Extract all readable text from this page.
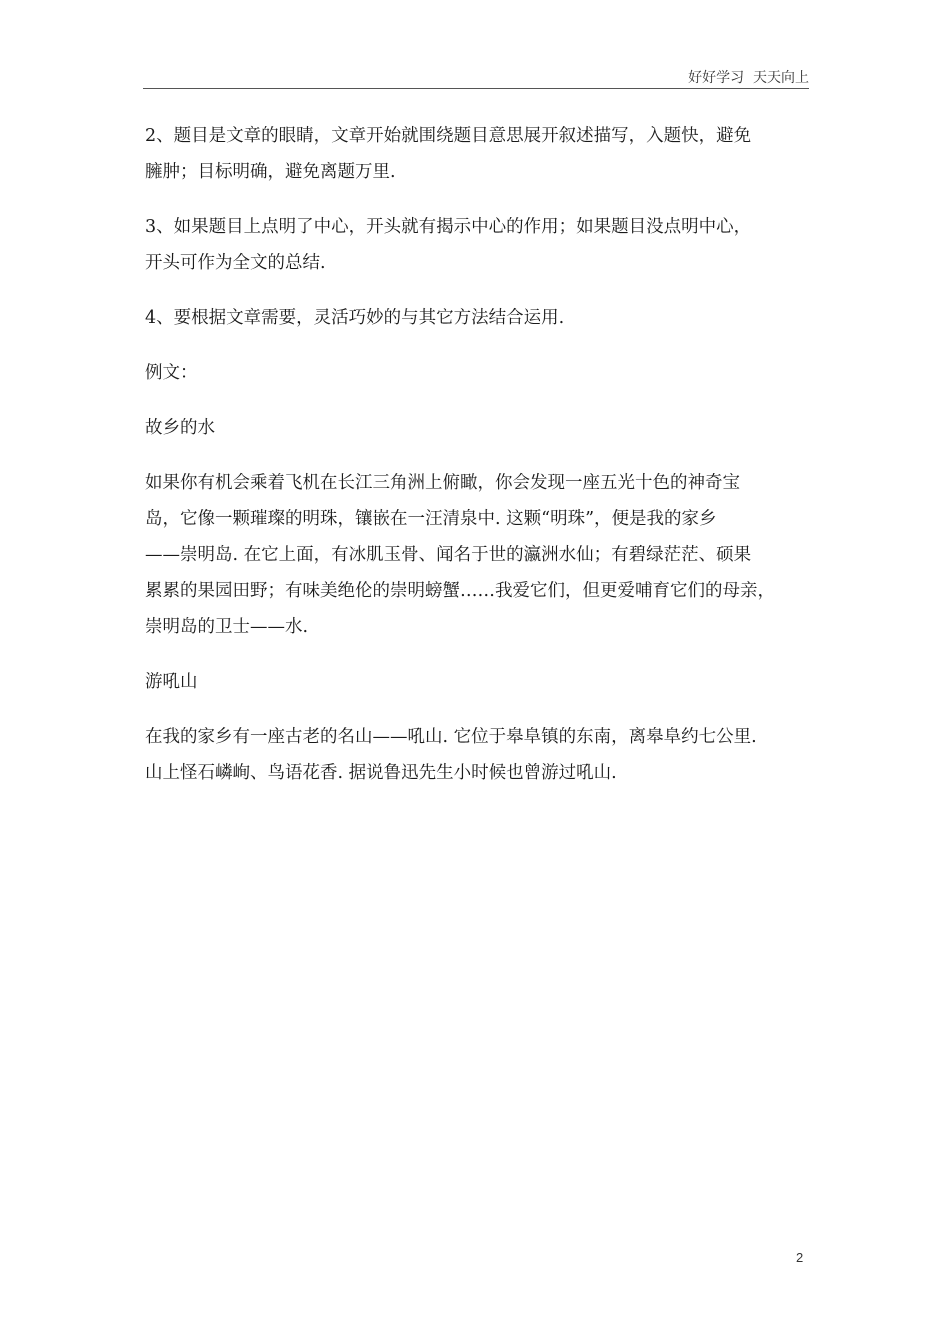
好好学习  天天向上

2、题目是文章的眼睛，文章开始就围绕题目意思展开叙述描写，入题快，避免
臃肿；目标明确，避免离题万里.

3、如果题目上点明了中心，开头就有揭示中心的作用；如果题目没点明中心，
开头可作为全文的总结.

4、要根据文章需要，灵活巧妙的与其它方法结合运用.

例文：

故乡的水

如果你有机会乘着飞机在长江三角洲上俯瞰，你会发现一座五光十色的神奇宝
岛，它像一颗璀璨的明珠，镶嵌在一汪清泉中. 这颗“明珠”，便是我的家乡
——崇明岛. 在它上面，有冰肌玉骨、闻名于世的瀛洲水仙；有碧绿茫茫、硕果
累累的果园田野；有味美绝伦的崇明螃蟹……我爱它们，但更爱哺育它们的母亲，
崇明岛的卫士——水.

游吼山

在我的家乡有一座古老的名山——吼山. 它位于皋阜镇的东南，离皋阜约七公里.
山上怪石嶙峋、鸟语花香. 据说鲁迅先生小时候也曾游过吼山.

2
